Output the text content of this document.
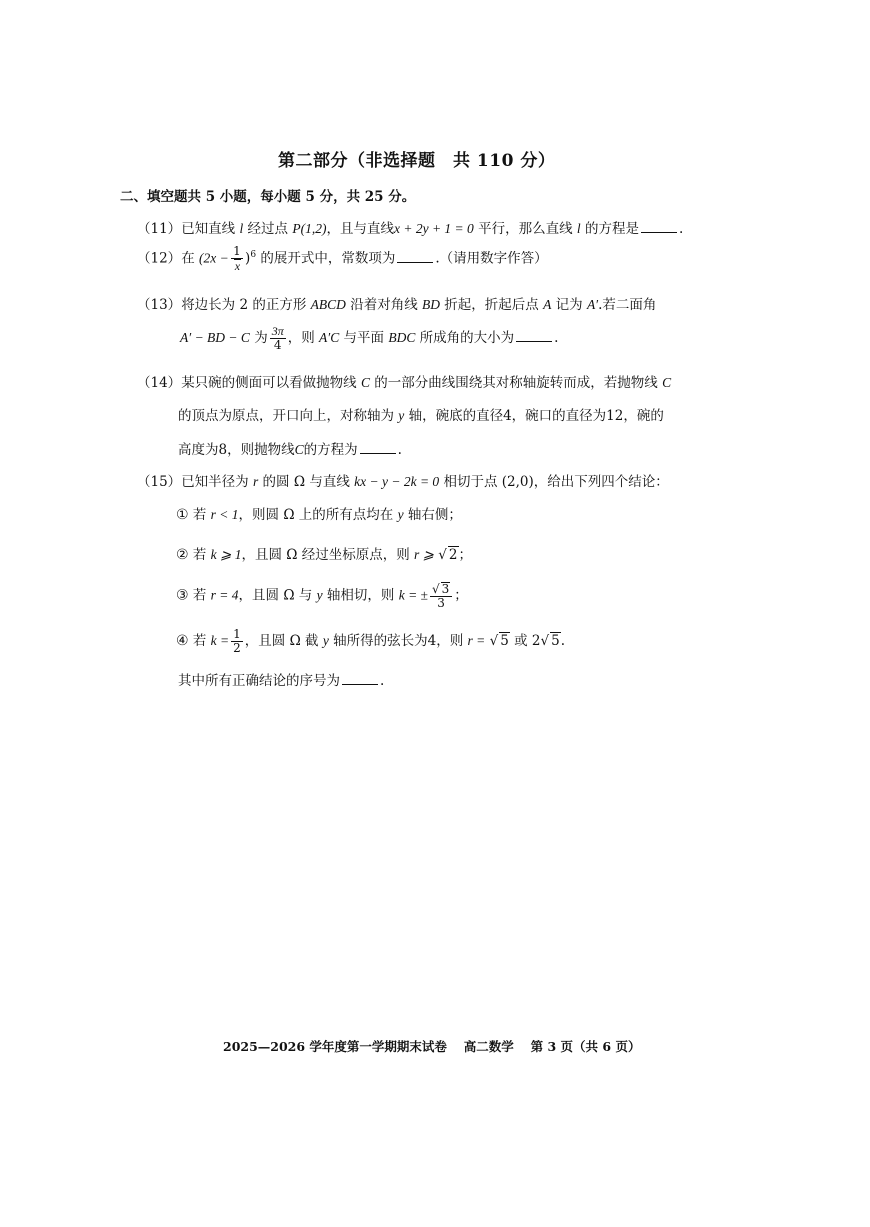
第二部分（非选择题　共 110 分）
二、填空题共 5 小题，每小题 5 分，共 25 分。
（11）已知直线 l 经过点 P(1,2)，且与直线x + 2y + 1 = 0 平行，那么直线 l 的方程是	.
（12）在 $(2x - \frac{1}{x} )^6$ 的展开式中，常数项为	.（请用数字作答）
（13）将边长为 2 的正方形 ABCD 沿着对角线 BD 折起，折起后点 A 记为 A′.若二面角
A′ − BD − C 为 $\frac{3\pi}{4}$ ，则 A′C 与平面 BDC 所成角的大小为	.
（14）某只碗的侧面可以看做抛物线 C 的一部分曲线围绕其对称轴旋转而成，若抛物线 C
的顶点为原点，开口向上，对称轴为 y 轴，碗底的直径4，碗口的直径为12，碗的
高度为8，则抛物线C的方程为	.
（15）已知半径为 r 的圆 Ω 与直线 kx − y − 2k = 0 相切于点 (2,0)，给出下列四个结论：
① 若 r < 1，则圆 Ω 上的所有点均在 y 轴右侧；
② 若 k ⩾ 1，且圆 Ω 经过坐标原点，则 r ⩾ √ 2；
③ 若 r = 4，且圆 Ω 与 y 轴相切，则 k = ± $\frac{√ 3}{3}$ ；
④ 若 $k = \frac{1}{2}$ ，且圆 Ω 截 y 轴所得的弦长为4，则 r = √ 5 或 2√ 5.
其中所有正确结论的序号为	.
2025—2026 学年度第一学期期末试卷　 高二数学　 第 3 页（共 6 页）
